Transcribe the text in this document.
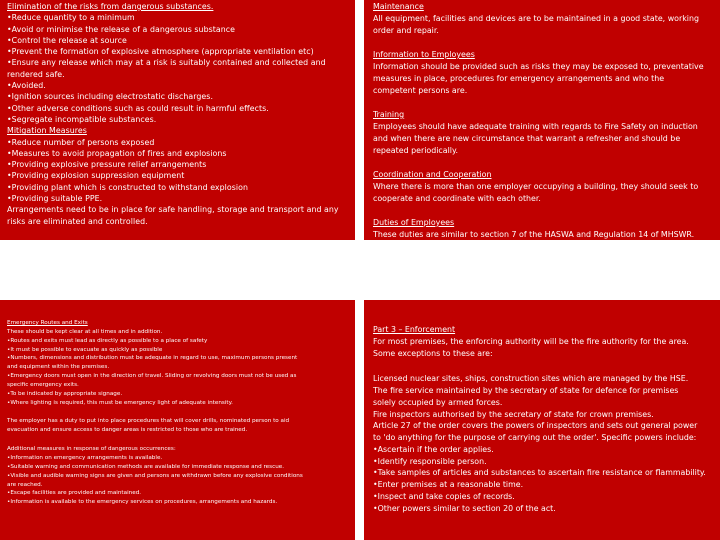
Elimination of the risks from dangerous substances.
•Reduce quantity to a minimum
•Avoid or minimise the release of a dangerous substance
•Control the release at source
•Prevent the formation of explosive atmosphere (appropriate ventilation etc)
•Ensure any release which may at a risk is suitably contained and collected and
rendered safe.
•Avoided.
•Ignition sources including electrostatic discharges.
•Other adverse conditions such as could result in harmful effects.
•Segregate incompatible substances.
Mitigation Measures
•Reduce number of persons exposed
•Measures to avoid propagation of fires and explosions
•Providing explosive pressure relief arrangements
•Providing explosion suppression equipment
•Providing plant which is constructed to withstand explosion
•Providing suitable PPE.
Arrangements need to be in place for safe handling, storage and transport and any
risks are eliminated and controlled.
Maintenance
All equipment, facilities and devices are to be maintained in a good state, working
order and repair.
Information to Employees
Information should be provided such as risks they may be exposed to, preventative
measures in place, procedures for emergency arrangements and who the
competent persons are.
Training
Employees should have adequate training with regards to Fire Safety on induction
and when there are new circumstance that warrant a refresher and should be
repeated periodically.
Coordination and Cooperation
Where there is more than one employer occupying a building, they should seek to
cooperate and coordinate with each other.
Duties of Employees
These duties are similar to section 7 of the HASWA and Regulation 14 of MHSWR.
Emergency Routes and Exits
These should be kept clear at all times and in addition.
•Routes and exits must lead as directly as possible to a place of safety
•It must be possible to evacuate as quickly as possible
•Numbers, dimensions and distribution must be adequate in regard to use, maximum persons present
and equipment within the premises.
•Emergency doors must open in the direction of travel. Sliding or revolving doors must not be used as
specific emergency exits.
•To be indicated by appropriate signage.
•Where lighting is required, this must be emergency light of adequate intensity.
The employer has a duty to put into place procedures that will cover drills, nominated person to aid
evacuation and ensure access to danger areas is restricted to those who are trained.
Additional measures in response of dangerous occurrences:
•Information on emergency arrangements is available.
•Suitable warning and communication methods are available for immediate response and rescue.
•Visible and audible warning signs are given and persons are withdrawn before any explosive conditions
are reached.
•Escape facilities are provided and maintained.
•Information is available to the emergency services on procedures, arrangements and hazards.
Part 3 – Enforcement
For most premises, the enforcing authority will be the fire authority for the area.
Some exceptions to these are:
Licensed nuclear sites, ships, construction sites which are managed by the HSE.
The fire service maintained by the secretary of state for defence for premises
solely occupied by armed forces.
Fire inspectors authorised by the secretary of state for crown premises.
Article 27 of the order covers the powers of inspectors and sets out general power
to 'do anything for the purpose of carrying out the order'. Specific powers include:
•Ascertain if the order applies.
•Identify responsible person.
•Take samples of articles and substances to ascertain fire resistance or flammability.
•Enter premises at a reasonable time.
•Inspect and take copies of records.
•Other powers similar to section 20 of the act.
